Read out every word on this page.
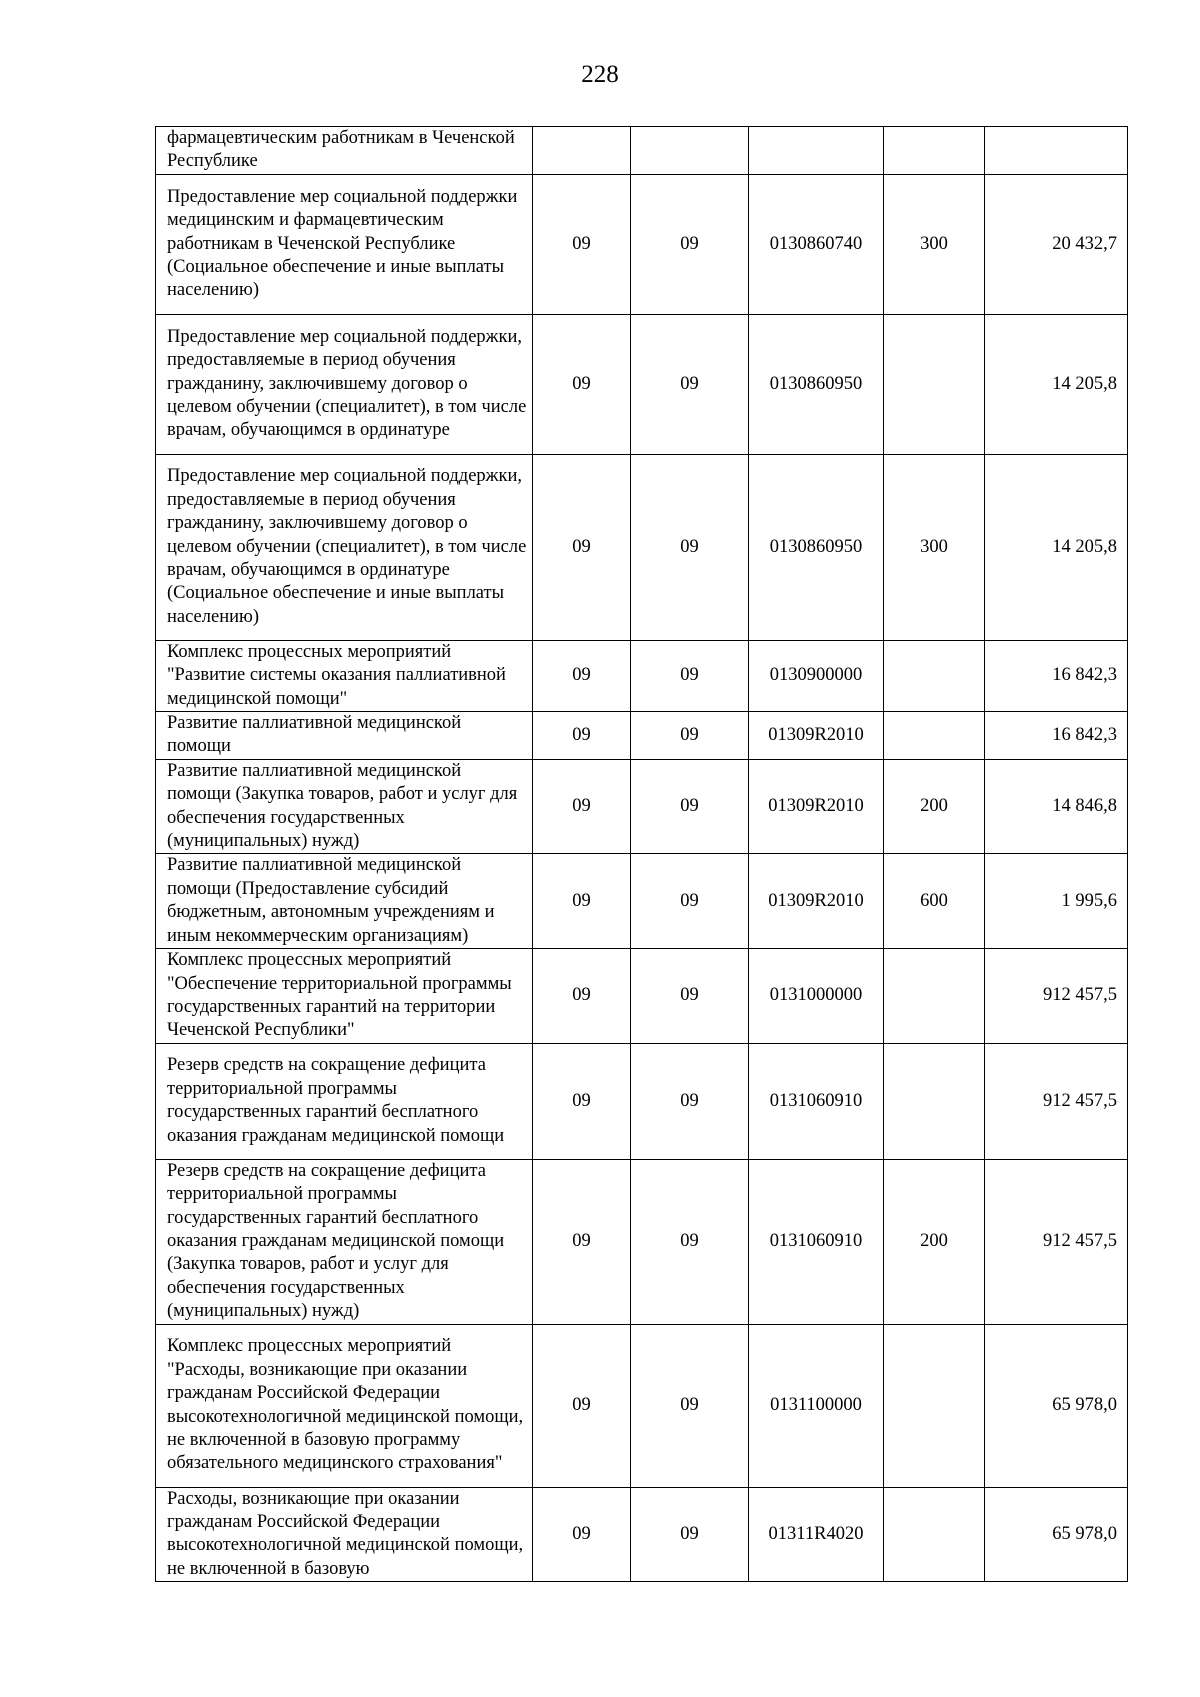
228
фармацевтическим работникам в Чеченской Республике					
Предоставление мер социальной поддержки медицинским и фармацевтическим работникам в Чеченской Республике (Социальное обеспечение и иные выплаты населению)	09	09	0130860740	300	20 432,7
Предоставление мер социальной поддержки, предоставляемые в период обучения гражданину, заключившему договор о целевом обучении (специалитет), в том числе врачам, обучающимся в ординатуре	09	09	0130860950		14 205,8
Предоставление мер социальной поддержки, предоставляемые в период обучения гражданину, заключившему договор о целевом обучении (специалитет), в том числе врачам, обучающимся в ординатуре (Социальное обеспечение и иные выплаты населению)	09	09	0130860950	300	14 205,8
Комплекс процессных мероприятий "Развитие системы оказания паллиативной медицинской помощи"	09	09	0130900000		16 842,3
Развитие паллиативной медицинской помощи	09	09	01309R2010		16 842,3
Развитие паллиативной медицинской помощи (Закупка товаров, работ и услуг для обеспечения государственных (муниципальных) нужд)	09	09	01309R2010	200	14 846,8
Развитие паллиативной медицинской помощи (Предоставление субсидий бюджетным, автономным учреждениям и иным некоммерческим организациям)	09	09	01309R2010	600	1 995,6
Комплекс процессных мероприятий "Обеспечение территориальной программы государственных гарантий на территории Чеченской Республики"	09	09	0131000000		912 457,5
Резерв средств на сокращение дефицита территориальной программы государственных гарантий бесплатного оказания гражданам медицинской помощи	09	09	0131060910		912 457,5
Резерв средств на сокращение дефицита территориальной программы государственных гарантий бесплатного оказания гражданам медицинской помощи (Закупка товаров, работ и услуг для обеспечения государственных (муниципальных) нужд)	09	09	0131060910	200	912 457,5
Комплекс процессных мероприятий "Расходы, возникающие при оказании гражданам Российской Федерации высокотехнологичной медицинской помощи, не включенной в базовую программу обязательного медицинского страхования"	09	09	0131100000		65 978,0
Расходы, возникающие при оказании гражданам Российской Федерации высокотехнологичной медицинской помощи, не включенной в базовую	09	09	01311R4020		65 978,0
